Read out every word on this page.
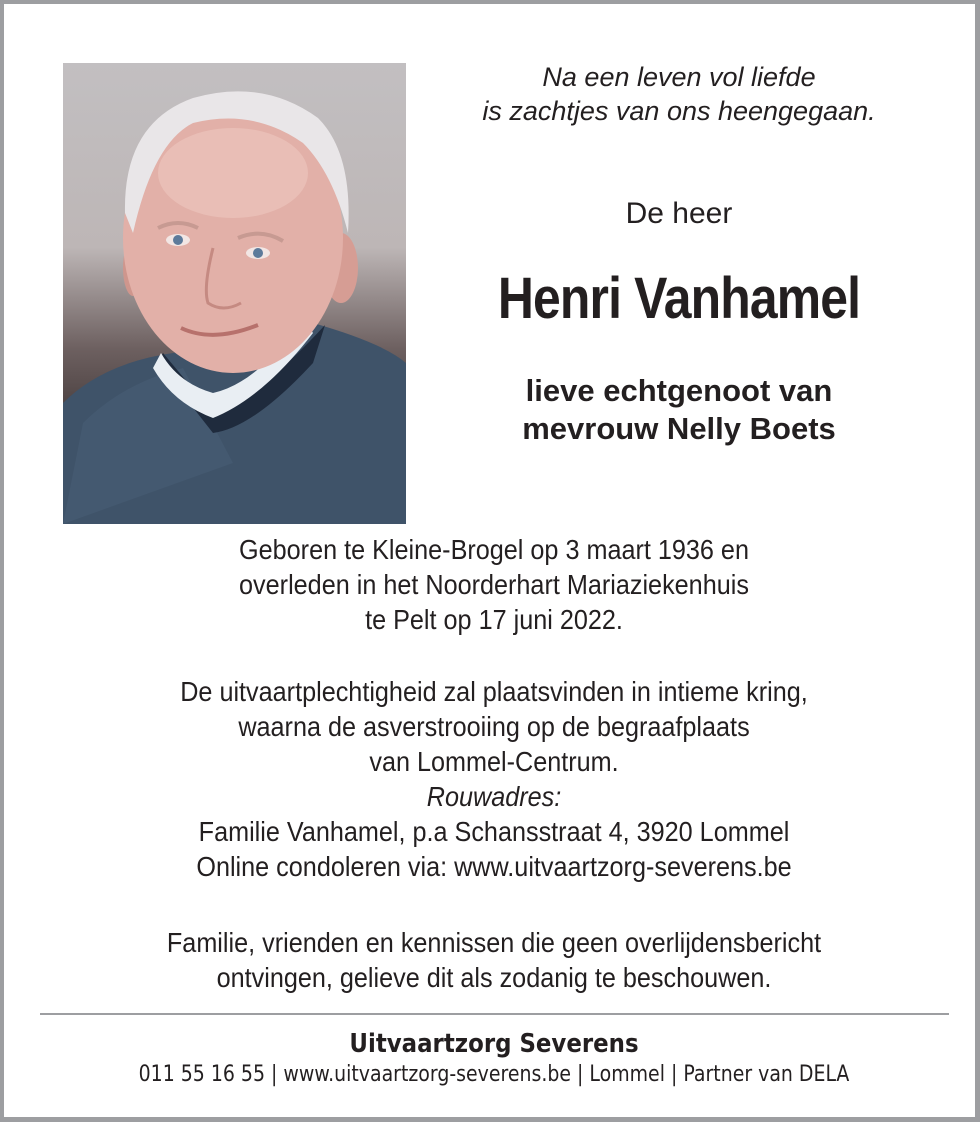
Na een leven vol liefde
is zachtjes van ons heengegaan.
De heer
Henri Vanhamel
lieve echtgenoot van
mevrouw Nelly Boets
Geboren te Kleine-Brogel op 3 maart 1936 en
overleden in het Noorderhart Mariaziekenhuis
te Pelt op 17 juni 2022.
De uitvaartplechtigheid zal plaatsvinden in intieme kring,
waarna de asverstrooiing op de begraafplaats
van Lommel-Centrum.
Rouwadres:
Familie Vanhamel, p.a Schansstraat 4, 3920 Lommel
Online condoleren via: www.uitvaartzorg-severens.be
Familie, vrienden en kennissen die geen overlijdensbericht
ontvingen, gelieve dit als zodanig te beschouwen.
Uitvaartzorg Severens
011 55 16 55 | www.uitvaartzorg-severens.be | Lommel | Partner van DELA
